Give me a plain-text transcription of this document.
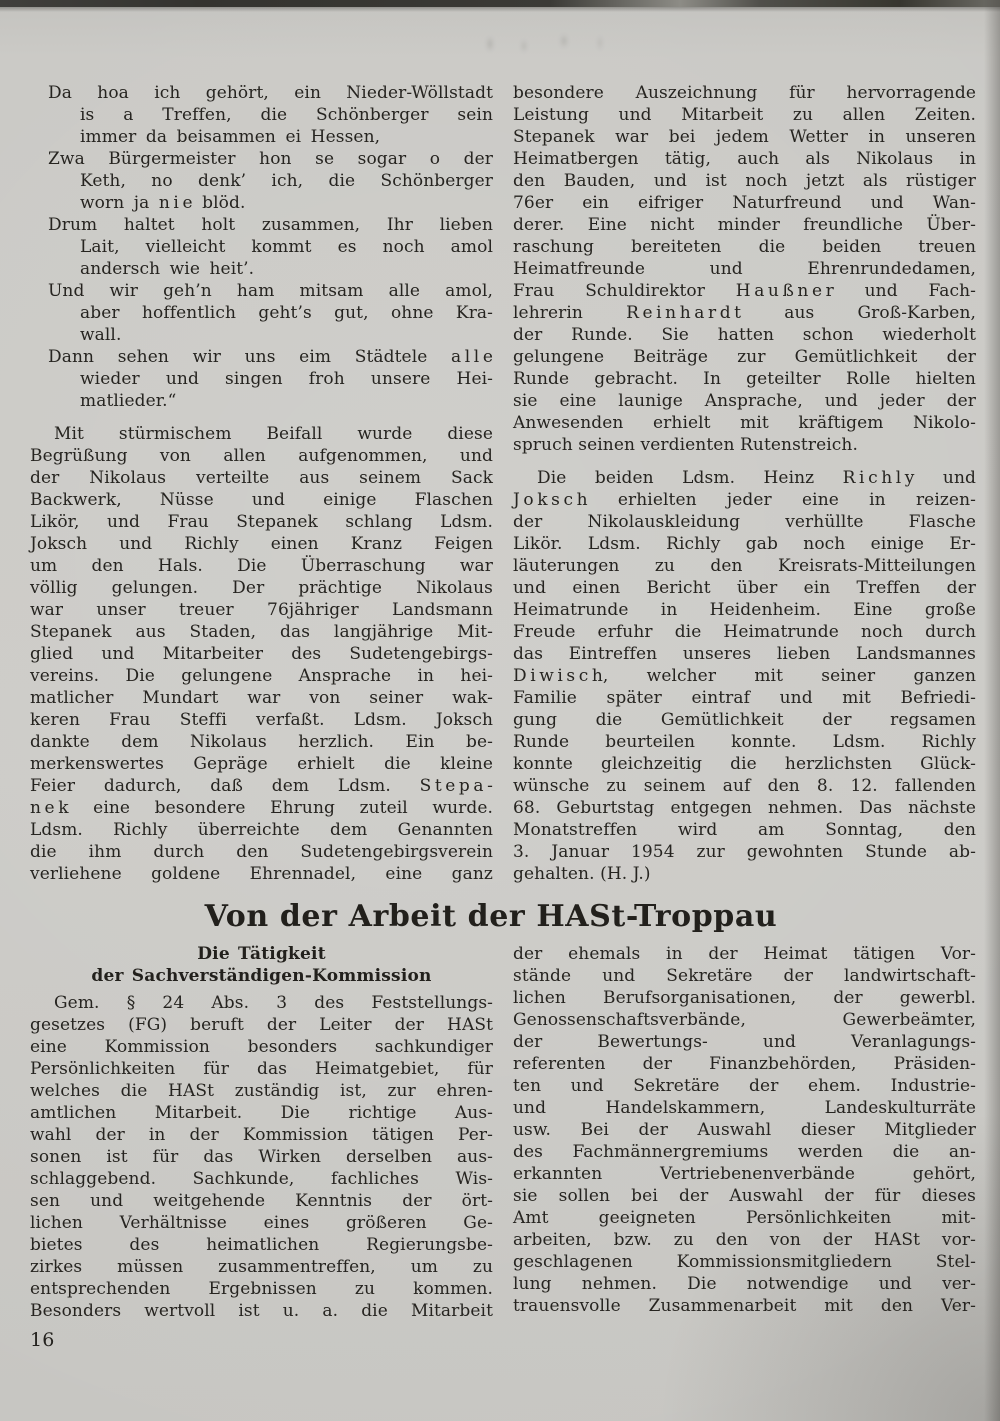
Da hoa ich gehört, ein Nieder-Wöllstadt
is a Treffen, die Schönberger sein
immer da beisammen ei Hessen,
Zwa Bürgermeister hon se sogar o der
Keth, no denk’ ich, die Schönberger
worn ja n i e blöd.
Drum haltet holt zusammen, Ihr lieben
Lait, vielleicht kommt es noch amol
andersch wie heit’.
Und wir geh’n ham mitsam alle amol,
aber hoffentlich geht’s gut, ohne Kra-
wall.
Dann sehen wir uns eim Städtele a l l e
wieder und singen froh unsere Hei-
matlieder.“
Mit stürmischem Beifall wurde diese
Begrüßung von allen aufgenommen, und
der Nikolaus verteilte aus seinem Sack
Backwerk, Nüsse und einige Flaschen
Likör, und Frau Stepanek schlang Ldsm.
Joksch und Richly einen Kranz Feigen
um den Hals. Die Überraschung war
völlig gelungen. Der prächtige Nikolaus
war unser treuer 76jähriger Landsmann
Stepanek aus Staden, das langjährige Mit-
glied und Mitarbeiter des Sudetengebirgs-
vereins. Die gelungene Ansprache in hei-
matlicher Mundart war von seiner wak-
keren Frau Steffi verfaßt. Ldsm. Joksch
dankte dem Nikolaus herzlich. Ein be-
merkenswertes Gepräge erhielt die kleine
Feier dadurch, daß dem Ldsm. S t e p a -
n e k eine besondere Ehrung zuteil wurde.
Ldsm. Richly überreichte dem Genannten
die ihm durch den Sudetengebirgsverein
verliehene goldene Ehrennadel, eine ganz
besondere Auszeichnung für hervorragende
Leistung und Mitarbeit zu allen Zeiten.
Stepanek war bei jedem Wetter in unseren
Heimatbergen tätig, auch als Nikolaus in
den Bauden, und ist noch jetzt als rüstiger
76er ein eifriger Naturfreund und Wan-
derer. Eine nicht minder freundliche Über-
raschung bereiteten die beiden treuen
Heimatfreunde und Ehrenrundedamen,
Frau Schuldirektor H a u ß n e r und Fach-
lehrerin R e i n h a r d t aus Groß-Karben,
der Runde. Sie hatten schon wiederholt
gelungene Beiträge zur Gemütlichkeit der
Runde gebracht. In geteilter Rolle hielten
sie eine launige Ansprache, und jeder der
Anwesenden erhielt mit kräftigem Nikolo-
spruch seinen verdienten Rutenstreich.
Die beiden Ldsm. Heinz R i c h l y und
J o k s c h erhielten jeder eine in reizen-
der Nikolauskleidung verhüllte Flasche
Likör. Ldsm. Richly gab noch einige Er-
läuterungen zu den Kreisrats-Mitteilungen
und einen Bericht über ein Treffen der
Heimatrunde in Heidenheim. Eine große
Freude erfuhr die Heimatrunde noch durch
das Eintreffen unseres lieben Landsmannes
D i w i s c h, welcher mit seiner ganzen
Familie später eintraf und mit Befriedi-
gung die Gemütlichkeit der regsamen
Runde beurteilen konnte. Ldsm. Richly
konnte gleichzeitig die herzlichsten Glück-
wünsche zu seinem auf den 8. 12. fallenden
68. Geburtstag entgegen nehmen. Das nächste
Monatstreffen wird am Sonntag, den
3. Januar 1954 zur gewohnten Stunde ab-
gehalten. (H. J.)
Von der Arbeit der HASt-Troppau
Die Tätigkeit
der Sachverständigen-Kommission
Gem. § 24 Abs. 3 des Feststellungs-
gesetzes (FG) beruft der Leiter der HASt
eine Kommission besonders sachkundiger
Persönlichkeiten für das Heimatgebiet, für
welches die HASt zuständig ist, zur ehren-
amtlichen Mitarbeit. Die richtige Aus-
wahl der in der Kommission tätigen Per-
sonen ist für das Wirken derselben aus-
schlaggebend. Sachkunde, fachliches Wis-
sen und weitgehende Kenntnis der ört-
lichen Verhältnisse eines größeren Ge-
bietes des heimatlichen Regierungsbe-
zirkes müssen zusammentreffen, um zu
entsprechenden Ergebnissen zu kommen.
Besonders wertvoll ist u. a. die Mitarbeit
der ehemals in der Heimat tätigen Vor-
stände und Sekretäre der landwirtschaft-
lichen Berufsorganisationen, der gewerbl.
Genossenschaftsverbände, Gewerbeämter,
der Bewertungs- und Veranlagungs-
referenten der Finanzbehörden, Präsiden-
ten und Sekretäre der ehem. Industrie-
und Handelskammern, Landeskulturräte
usw. Bei der Auswahl dieser Mitglieder
des Fachmännergremiums werden die an-
erkannten Vertriebenenverbände gehört,
sie sollen bei der Auswahl der für dieses
Amt geeigneten Persönlichkeiten mit-
arbeiten, bzw. zu den von der HASt vor-
geschlagenen Kommissionsmitgliedern Stel-
lung nehmen. Die notwendige und ver-
trauensvolle Zusammenarbeit mit den Ver-
16
